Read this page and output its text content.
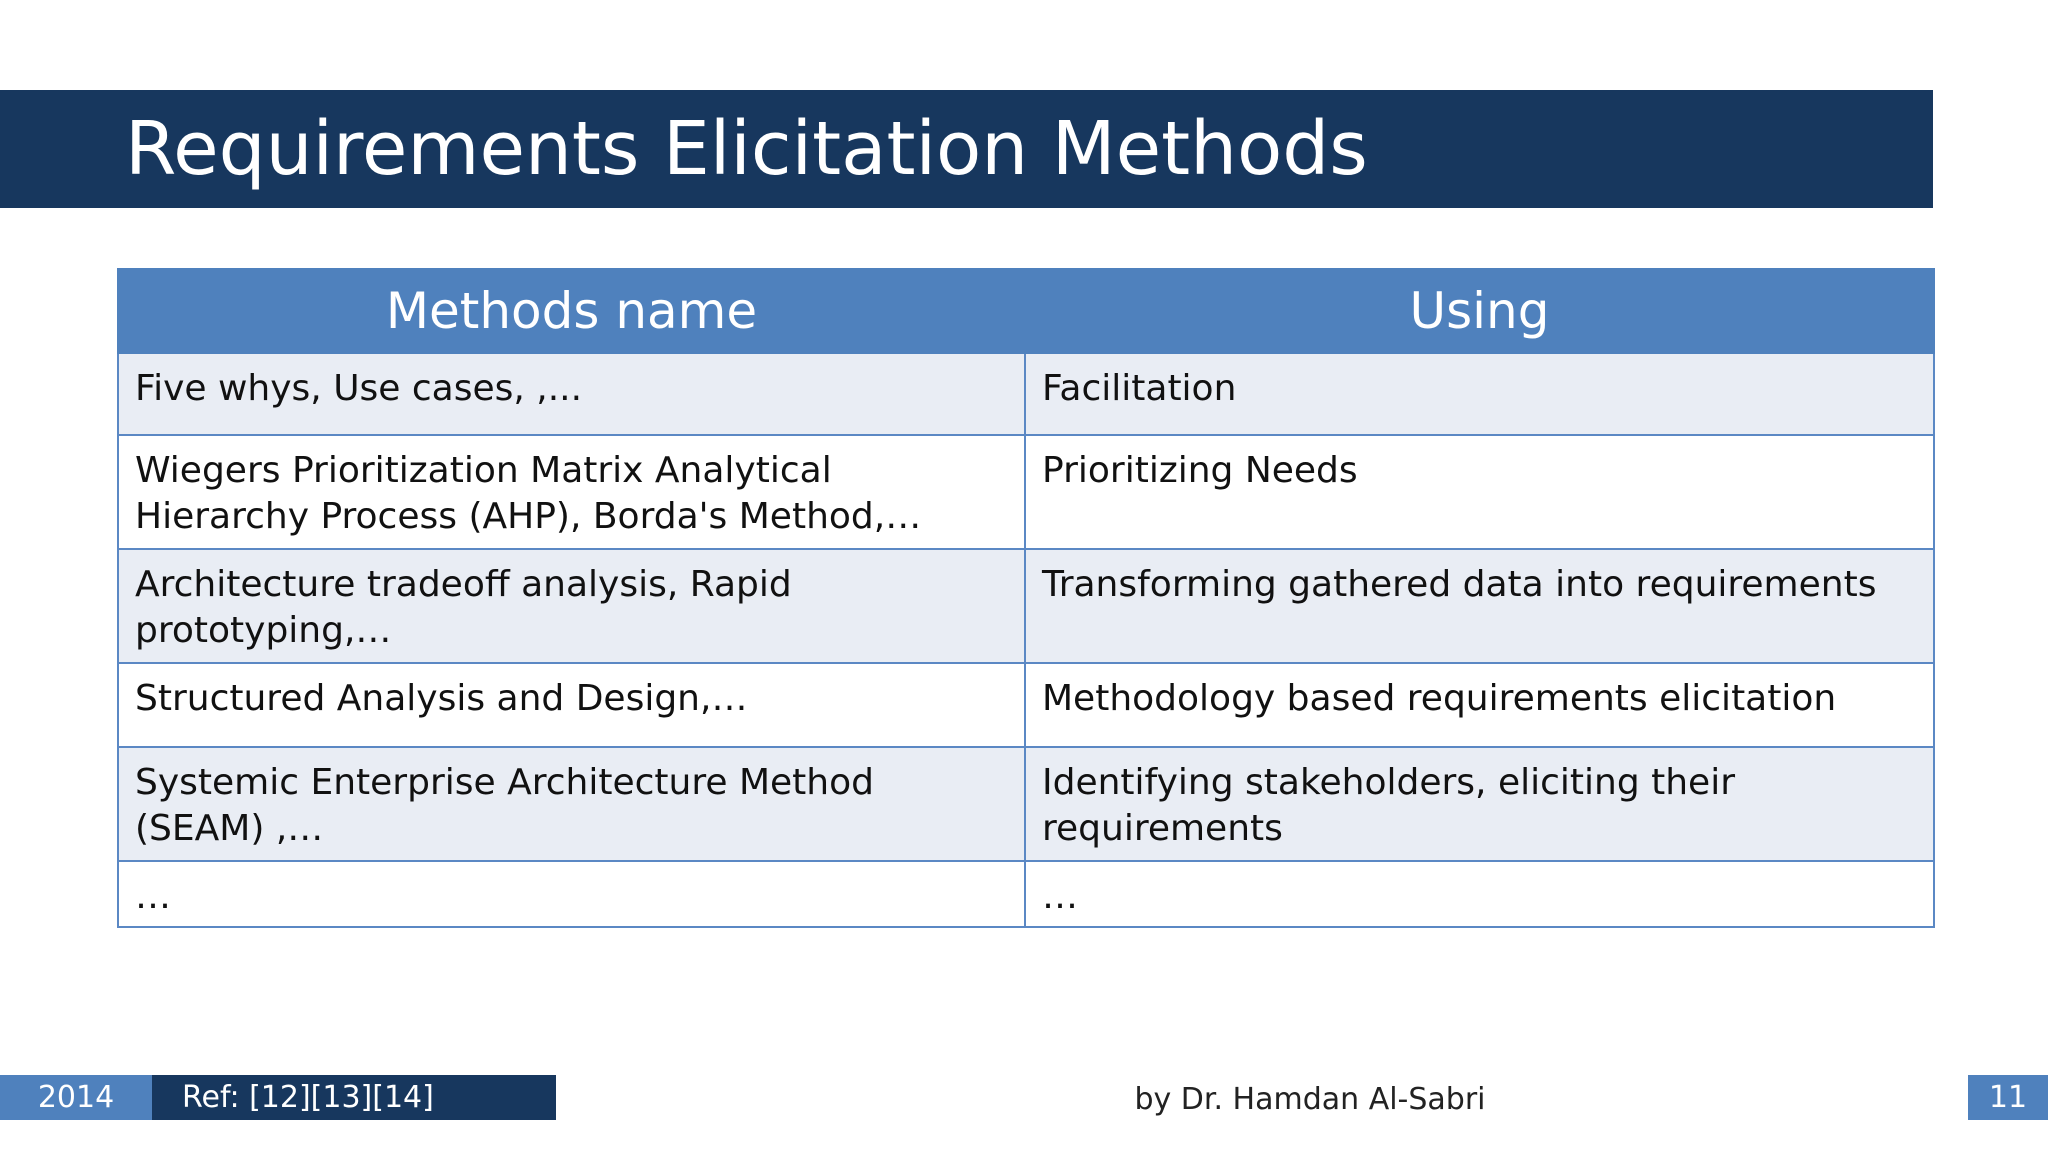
Requirements Elicitation Methods
Methods name	Using
Five whys, Use cases, ,...	Facilitation
Wiegers Prioritization Matrix Analytical Hierarchy Process (AHP), Borda's Method,…	Prioritizing Needs
Architecture tradeoff analysis, Rapid prototyping,…	Transforming gathered data into requirements
Structured Analysis and Design,…	Methodology based requirements elicitation
Systemic Enterprise Architecture Method (SEAM) ,…	Identifying stakeholders, eliciting their requirements
…	…
2014	Ref: [12][13][14]	by Dr. Hamdan Al-Sabri	11
